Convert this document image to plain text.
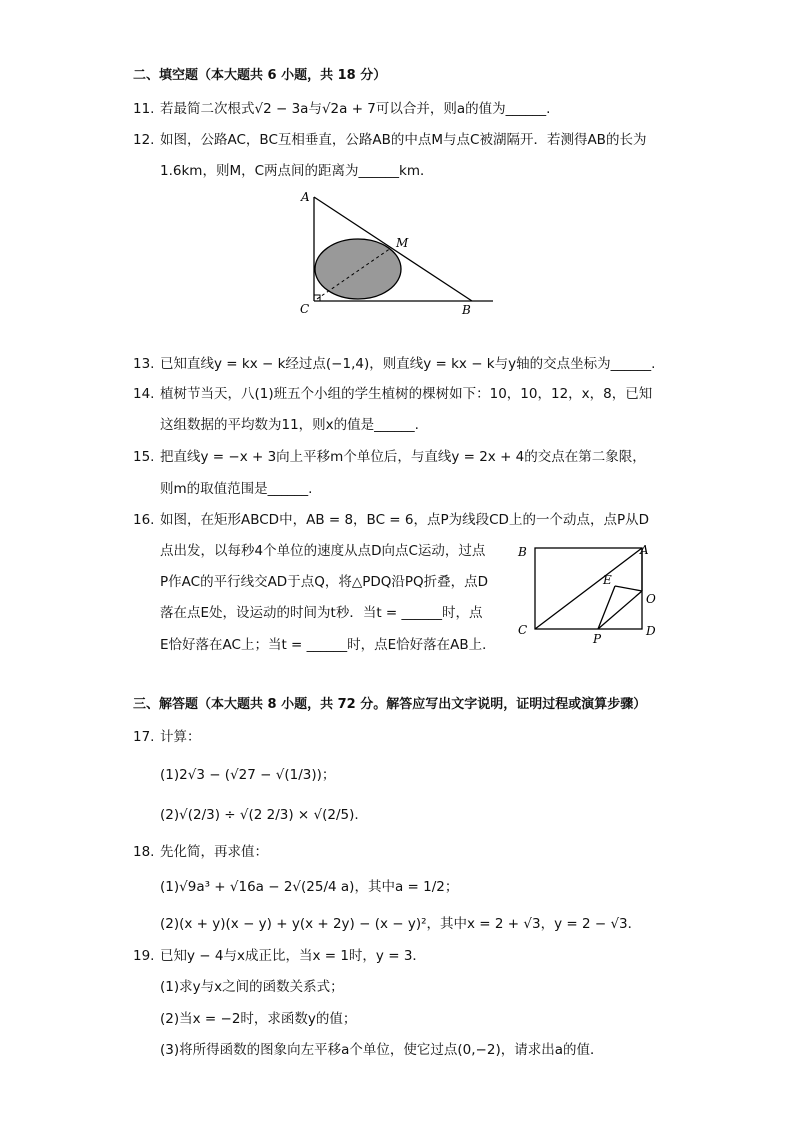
二、填空题（本大题共 6 小题，共 18 分）
11. 若最简二次根式√2 − 3a与√2a + 7可以合并，则a的值为______.
12. 如图，公路AC，BC互相垂直，公路AB的中点M与点C被湖隔开．若测得AB的长为
1.6km，则M，C两点间的距离为______km．
A
M
C	B
13. 已知直线y = kx − k经过点(−1,4)，则直线y = kx − k与y轴的交点坐标为______.
14. 植树节当天，八(1)班五个小组的学生植树的棵树如下：10，10，12，x，8，已知
这组数据的平均数为11，则x的值是______.
15. 把直线y = −x + 3向上平移m个单位后，与直线y = 2x + 4的交点在第二象限，
则m的取值范围是______.
16. 如图，在矩形ABCD中，AB = 8，BC = 6，点P为线段CD上的一个动点，点P从D
点出发，以每秒4个单位的速度从点D向点C运动，过点
P作AC的平行线交AD于点Q，将△PDQ沿PQ折叠，点D
落在点E处，设运动的时间为t秒．当t = ______时，点
E恰好落在AC上；当t = ______时，点E恰好落在AB上．
B	A
E
O
C
P
D
三、解答题（本大题共 8 小题，共 72 分。解答应写出文字说明，证明过程或演算步骤）
17. 计算：
(1)2√3 − (√27 − √(1/3))；
(2)√(2/3) ÷ √(2 2/3) × √(2/5).
18. 先化简，再求值：
(1)√9a³ + √16a − 2√(25/4 a)，其中a = 1/2；
(2)(x + y)(x − y) + y(x + 2y) − (x − y)²，其中x = 2 + √3，y = 2 − √3．
19. 已知y − 4与x成正比，当x = 1时，y = 3．
(1)求y与x之间的函数关系式；
(2)当x = −2时，求函数y的值；
(3)将所得函数的图象向左平移a个单位，使它过点(0,−2)，请求出a的值．
